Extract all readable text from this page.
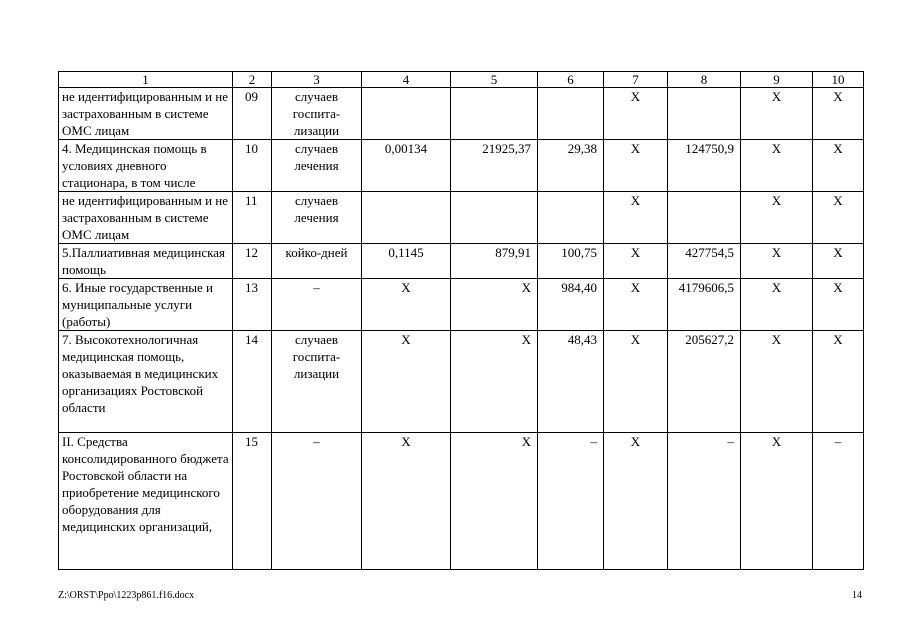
1	2	3	4	5	6	7	8	9	10
не идентифицированным и не застрахованным в системе ОМС лицам	09	случаев госпита-лизации				Х		Х	Х
4. Медицинская помощь в условиях дневного стационара, в том числе	10	случаев лечения	0,00134	21925,37	29,38	Х	124750,9	Х	Х
не идентифицированным и не застрахованным в системе ОМС лицам	11	случаев лечения				Х		Х	Х
5.Паллиативная медицинская помощь	12	койко-дней	0,1145	879,91	100,75	Х	427754,5	Х	Х
6. Иные государственные и муниципальные услуги (работы)	13	–	Х	Х	984,40	Х	4179606,5	Х	Х
7. Высокотехнологичная медицинская помощь, оказываемая в медицинских организациях Ростовской области	14	случаев госпита-лизации	Х	Х	48,43	Х	205627,2	Х	Х
II. Средства консолидированного бюджета Ростовской области на приобретение медицинского оборудования для медицинских организаций,	15	–	Х	Х	–	Х	–	Х	–
Z:\ORST\Ppo\1223p861.f16.docx	14
